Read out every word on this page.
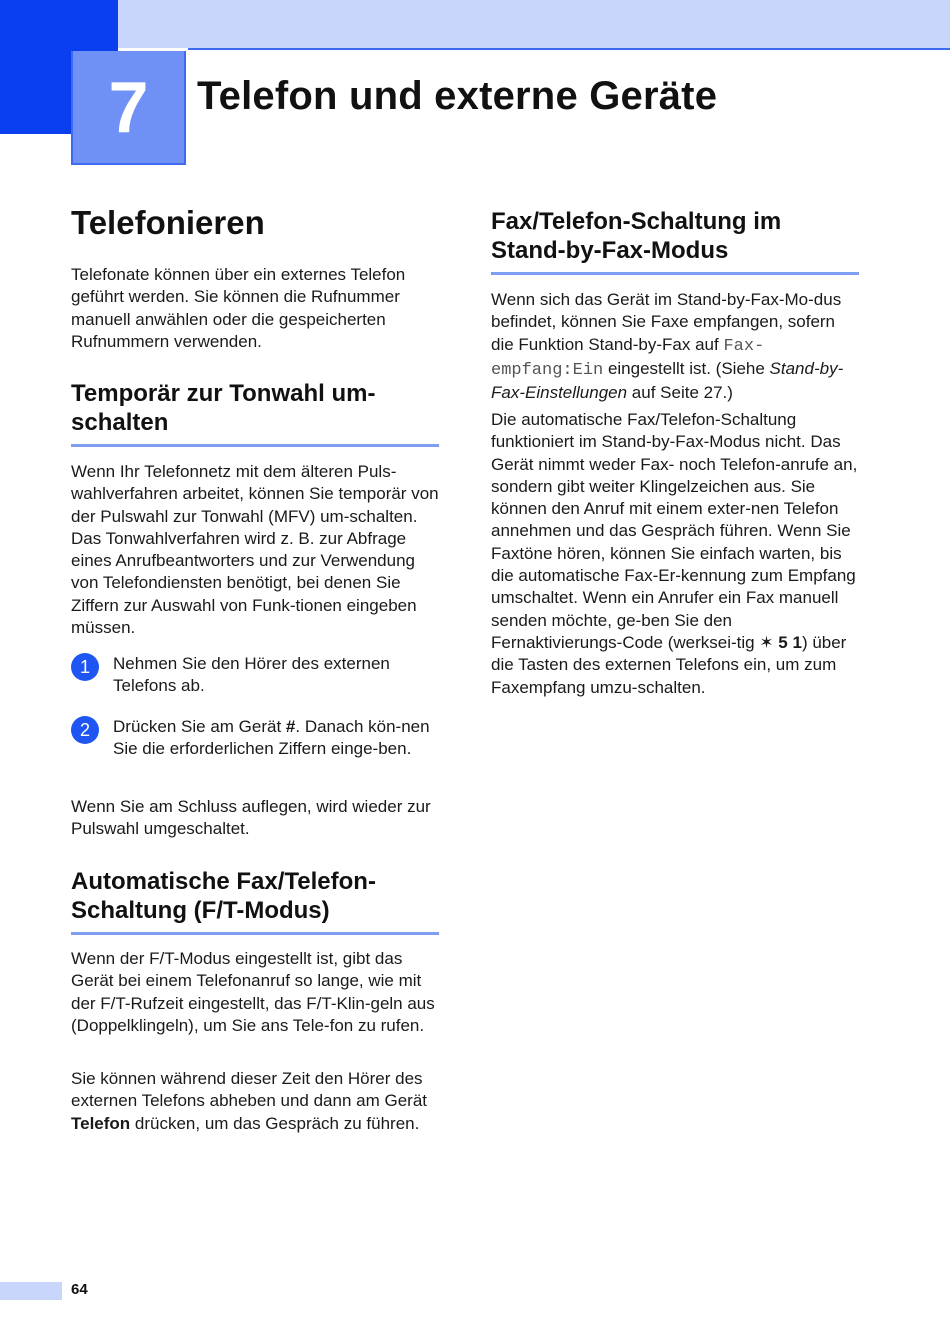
7	Telefon und externe Geräte
Telefonieren

Telefonate können über ein externes Telefon geführt werden. Sie können die Rufnummer manuell anwählen oder die gespeicherten Rufnummern verwenden.

Temporär zur Tonwahl um-schalten

Wenn Ihr Telefonnetz mit dem älteren Puls-wahlverfahren arbeitet, können Sie temporär von der Pulswahl zur Tonwahl (MFV) um-schalten. Das Tonwahlverfahren wird z. B. zur Abfrage eines Anrufbeantworters und zur Verwendung von Telefondiensten benötigt, bei denen Sie Ziffern zur Auswahl von Funk-tionen eingeben müssen.

1	Nehmen Sie den Hörer des externen Telefons ab.

2	Drücken Sie am Gerät #. Danach kön-nen Sie die erforderlichen Ziffern einge-ben.

Wenn Sie am Schluss auflegen, wird wieder zur Pulswahl umgeschaltet.

Automatische Fax/Telefon-Schaltung (F/T-Modus)

Wenn der F/T-Modus eingestellt ist, gibt das Gerät bei einem Telefonanruf so lange, wie mit der F/T-Rufzeit eingestellt, das F/T-Klin-geln aus (Doppelklingeln), um Sie ans Tele-fon zu rufen.

Sie können während dieser Zeit den Hörer des externen Telefons abheben und dann am Gerät Telefon drücken, um das Gespräch zu führen.

Fax/Telefon-Schaltung im Stand-by-Fax-Modus

Wenn sich das Gerät im Stand-by-Fax-Mo-dus befindet, können Sie Faxe empfangen, sofern die Funktion Stand-by-Fax auf Fax-empfang:Ein eingestellt ist. (Siehe Stand-by-Fax-Einstellungen auf Seite 27.)

Die automatische Fax/Telefon-Schaltung funktioniert im Stand-by-Fax-Modus nicht. Das Gerät nimmt weder Fax- noch Telefon-anrufe an, sondern gibt weiter Klingelzeichen aus. Sie können den Anruf mit einem exter-nen Telefon annehmen und das Gespräch führen. Wenn Sie Faxtöne hören, können Sie einfach warten, bis die automatische Fax-Er-kennung zum Empfang umschaltet. Wenn ein Anrufer ein Fax manuell senden möchte, ge-ben Sie den Fernaktivierungs-Code (werksei-tig ✶ 5 1) über die Tasten des externen Telefons ein, um zum Faxempfang umzu-schalten.

64
